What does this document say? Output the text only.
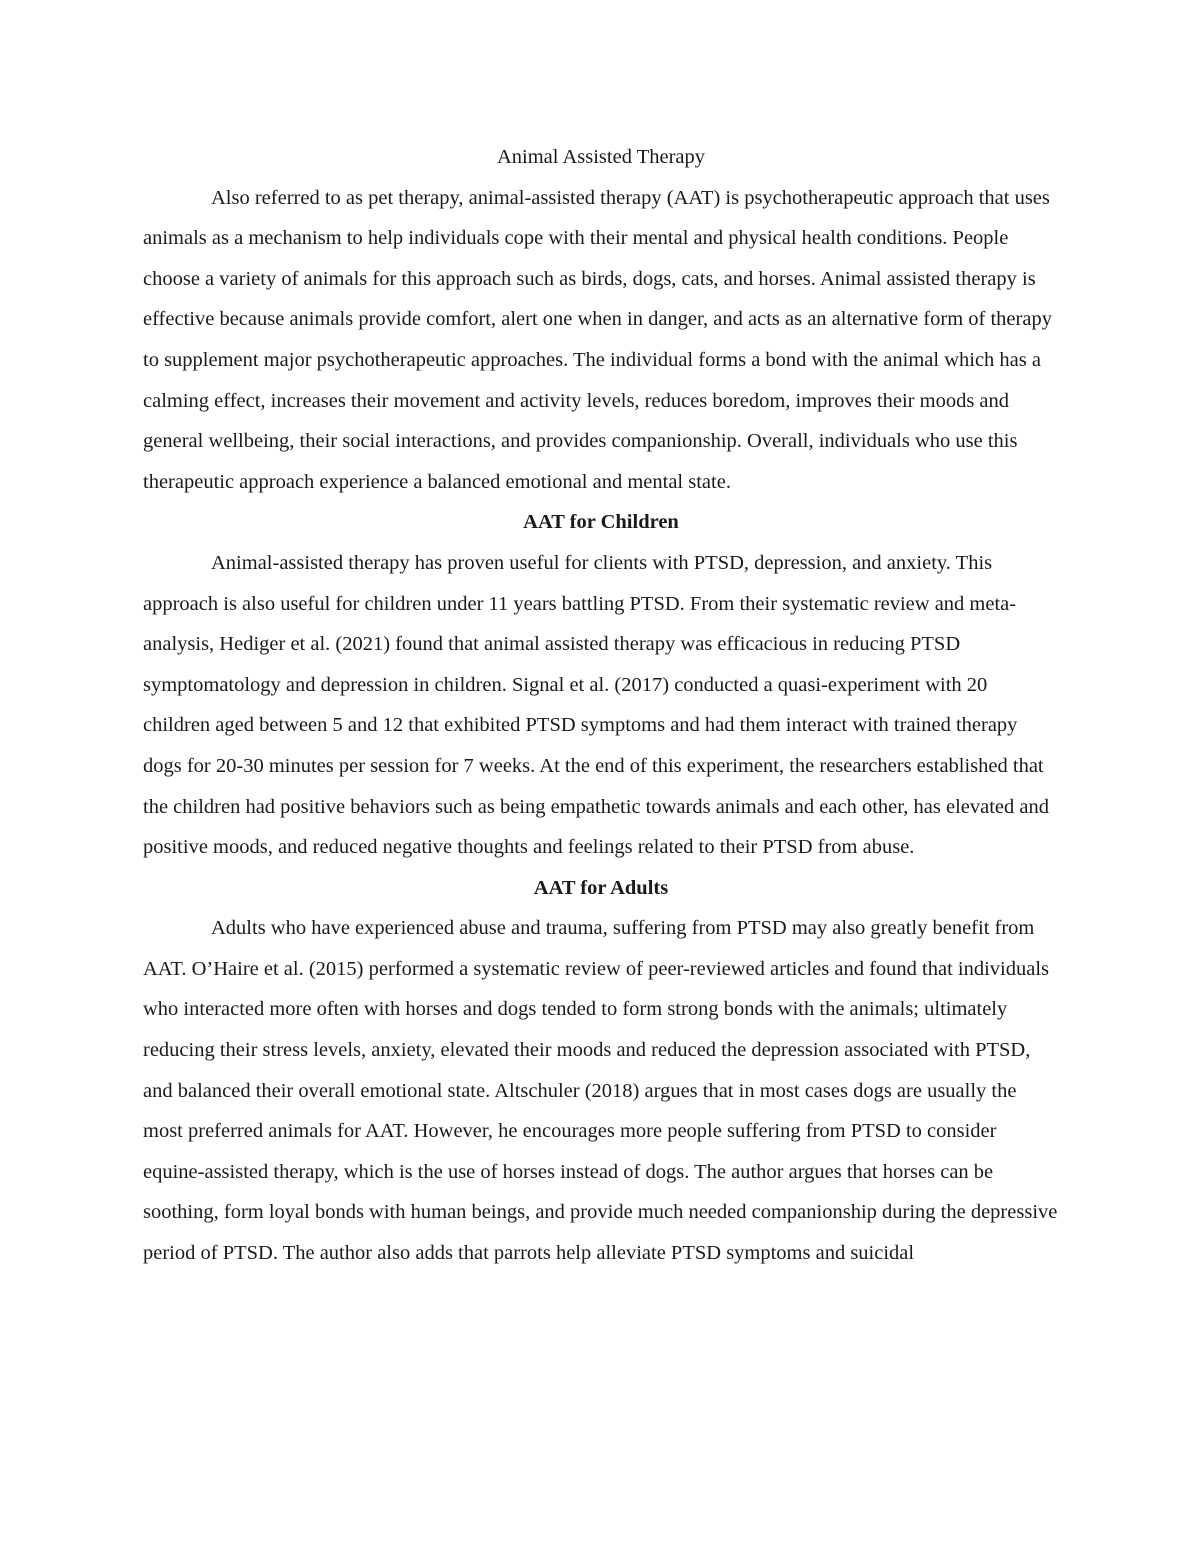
Animal Assisted Therapy

Also referred to as pet therapy, animal-assisted therapy (AAT) is psychotherapeutic approach that uses animals as a mechanism to help individuals cope with their mental and physical health conditions. People choose a variety of animals for this approach such as birds, dogs, cats, and horses. Animal assisted therapy is effective because animals provide comfort, alert one when in danger, and acts as an alternative form of therapy to supplement major psychotherapeutic approaches. The individual forms a bond with the animal which has a calming effect, increases their movement and activity levels, reduces boredom, improves their moods and general wellbeing, their social interactions, and provides companionship. Overall, individuals who use this therapeutic approach experience a balanced emotional and mental state.

AAT for Children

Animal-assisted therapy has proven useful for clients with PTSD, depression, and anxiety. This approach is also useful for children under 11 years battling PTSD. From their systematic review and meta-analysis, Hediger et al. (2021) found that animal assisted therapy was efficacious in reducing PTSD symptomatology and depression in children. Signal et al. (2017) conducted a quasi-experiment with 20 children aged between 5 and 12 that exhibited PTSD symptoms and had them interact with trained therapy dogs for 20-30 minutes per session for 7 weeks. At the end of this experiment, the researchers established that the children had positive behaviors such as being empathetic towards animals and each other, has elevated and positive moods, and reduced negative thoughts and feelings related to their PTSD from abuse.

AAT for Adults

Adults who have experienced abuse and trauma, suffering from PTSD may also greatly benefit from AAT. O’Haire et al. (2015) performed a systematic review of peer-reviewed articles and found that individuals who interacted more often with horses and dogs tended to form strong bonds with the animals; ultimately reducing their stress levels, anxiety, elevated their moods and reduced the depression associated with PTSD, and balanced their overall emotional state. Altschuler (2018) argues that in most cases dogs are usually the most preferred animals for AAT. However, he encourages more people suffering from PTSD to consider equine-assisted therapy, which is the use of horses instead of dogs. The author argues that horses can be soothing, form loyal bonds with human beings, and provide much needed companionship during the depressive period of PTSD. The author also adds that parrots help alleviate PTSD symptoms and suicidal
